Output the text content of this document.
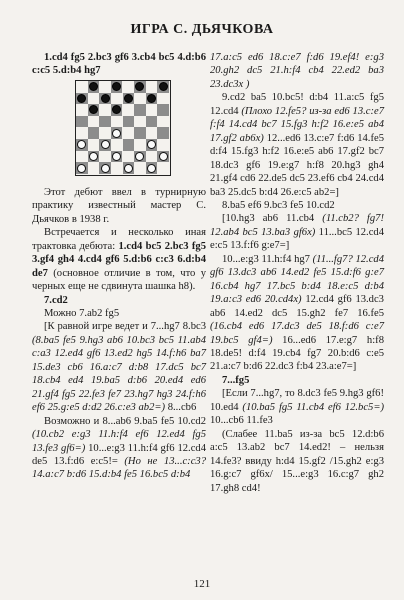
ИГРА С. ДЬЯЧКОВА

1.cd4 fg5 2.bc3 gf6 3.cb4 bc5 4.d:b6 c:c5 5.d:b4 hg7

Этот дебют ввел в турнирную практику известный мастер С. Дьячков в 1938 г.

Встречается и несколько иная трактовка дебюта: 1.cd4 bc5 2.bc3 fg5 3.gf4 gh4 4.cd4 gf6 5.d:b6 c:c3 6.d:b4 de7 (основное отличие в том, что у черных еще не сдвинута шашка h8).

7.cd2

Можно 7.ab2 fg5

[К равной игре ведет и 7...hg7 8.bc3 (8.ba5 fe5 9.hg3 ab6 10.bc3 bc5 11.ab4 c:a3 12.ed4 gf6 13.ed2 hg5 14.f:h6 ba7 15.de3 cb6 16.a:c7 d:b8 17.dc5 bc7 18.cb4 ed4 19.ba5 d:b6 20.ed4 ed6 21.gf4 fg5 22.fe3 fe7 23.hg7 hg3 24.f:h6 ef6 25.g:e5 d:d2 26.c:e3 ab2=) 8...cb6

Возможно и 8...ab6 9.ba5 fe5 10.cd2 (10.cb2 e:g3 11.h:f4 ef6 12.ed4 fg5 13.fe3 gf6=) 10...e:g3 11.h:f4 gf6 12.cd4 de5 13.f:d6 e:c5!= (Но не 13...c:c3? 14.a:c7 b:d6 15.d:b4 fe5 16.bc5 d:b4

17.a:c5 ed6 18.c:e7 f:d6 19.ef4! e:g3 20.gh2 dc5 21.h:f4 cb4 22.ed2 ba3 23.dc3x )

9.cd2 ba5 10.bc5! d:b4 11.a:c5 fg5 12.cd4 (Плохо 12.fe5? из-за ed6 13.c:e7 f:f4 14.cd4 bc7 15.fg3 h:f2 16.e:e5 ab4 17.gf2 ab6x) 12...ed6 13.c:e7 f:d6 14.fe5 d:f4 15.fg3 h:f2 16.e:e5 ab6 17.gf2 bc7 18.dc3 gf6 19.e:g7 h:f8 20.hg3 gh4 21.gf4 cd6 22.de5 dc5 23.ef6 cb4 24.cd4 ba3 25.dc5 b:d4 26.e:c5 ab2=]

8.ba5 ef6 9.bc3 fe5 10.cd2

[10.hg3 ab6 11.cb4 (11.cb2? fg7! 12.ab4 bc5 13.ba3 gf6x) 11...bc5 12.cd4 e:c5 13.f:f6 g:e7=]

10...e:g3 11.h:f4 hg7 (11...fg7? 12.cd4 gf6 13.dc3 ab6 14.ed2 fe5 15.d:f6 g:e7 16.cb4 hg7 17.bc5 b:d4 18.e:c5 d:b4 19.a:c3 ed6 20.cd4x) 12.cd4 gf6 13.dc3 ab6 14.ed2 dc5 15.gh2 fe7 16.fe5 (16.cb4 ed6 17.dc3 de5 18.f:d6 c:e7 19.bc5 gf4=) 16...ed6 17.e:g7 h:f8 18.de5! d:f4 19.cb4 fg7 20.b:d6 c:e5 21.a:c7 b:d6 22.dc3 f:b4 23.a:e7=]

7...fg5

[Если 7...hg7, то 8.dc3 fe5 9.hg3 gf6! 10.ed4 (10.ba5 fg5 11.cb4 ef6 12.bc5=) 10...cb6 11.fe3

(Слабее 11.ba5 из-за bc5 12.d:b6 a:c5 13.ab2 bc7 14.ed2! – нельзя 14.fe3? ввиду h:d4 15.gf2 /15.gh2 e:g3 16.g:c7 gf6x/ 15...e:g3 16.c:g7 gh2 17.gh8 cd4!

121
